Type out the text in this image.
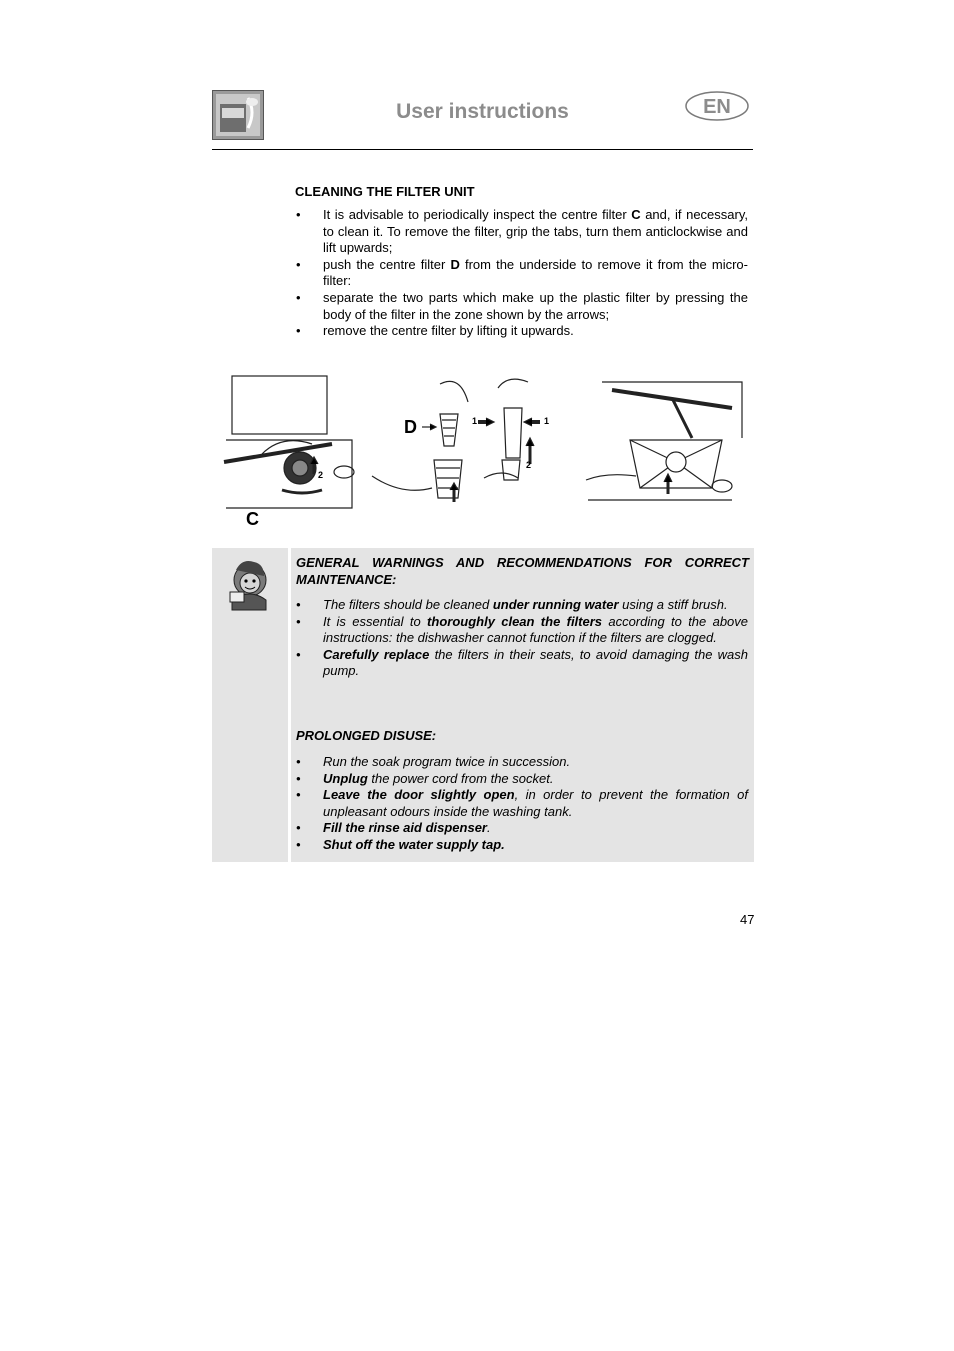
User instructions	EN
CLEANING THE FILTER UNIT
• It is advisable to periodically inspect the centre filter C and, if necessary, to clean it. To remove the filter, grip the tabs, turn them anticlockwise and lift upwards;
• push the centre filter D from the underside to remove it from the micro-filter:
• separate the two parts which make up the plastic filter by pressing the body of the filter in the zone shown by the arrows;
• remove the centre filter by lifting it upwards.
C
2
D	1	1
2
GENERAL WARNINGS AND RECOMMENDATIONS FOR CORRECT MAINTENANCE:
• The filters should be cleaned under running water using a stiff brush.
• It is essential to thoroughly clean the filters according to the above instructions: the dishwasher cannot function if the filters are clogged.
• Carefully replace the filters in their seats, to avoid damaging the wash pump.
PROLONGED DISUSE:
• Run the soak program twice in succession.
• Unplug the power cord from the socket.
• Leave the door slightly open, in order to prevent the formation of unpleasant odours inside the washing tank.
• Fill the rinse aid dispenser.
• Shut off the water supply tap.
47
